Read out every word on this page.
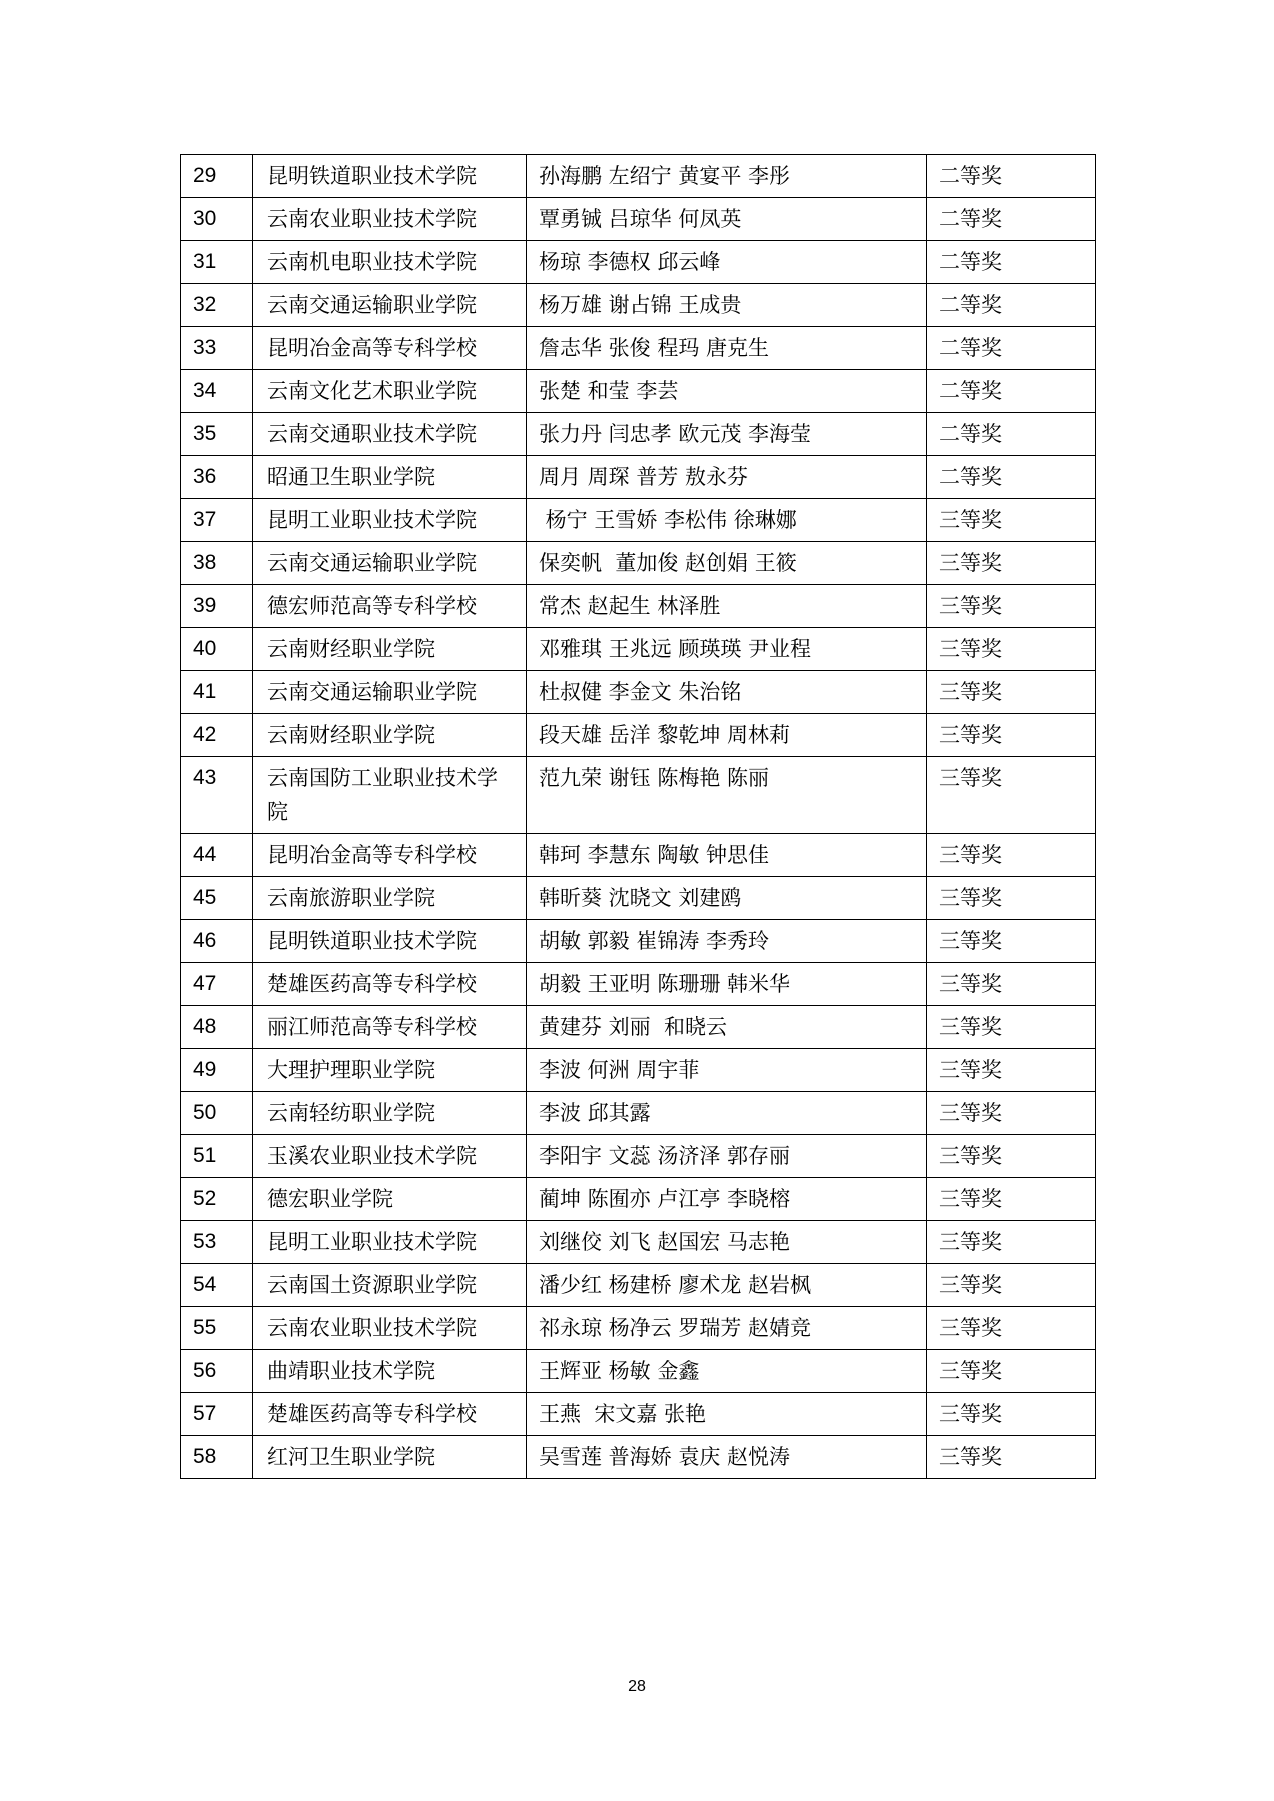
29	昆明铁道职业技术学院	孙海鹏 左绍宁 黄宴平 李彤	二等奖
30	云南农业职业技术学院	覃勇铖 吕琼华 何凤英	二等奖
31	云南机电职业技术学院	杨琼 李德权 邱云峰	二等奖
32	云南交通运输职业学院	杨万雄 谢占锦 王成贵	二等奖
33	昆明冶金高等专科学校	詹志华 张俊 程玛 唐克生	二等奖
34	云南文化艺术职业学院	张楚 和莹 李芸	二等奖
35	云南交通职业技术学院	张力丹 闫忠孝 欧元茂 李海莹	二等奖
36	昭通卫生职业学院	周月 周琛 普芳 敖永芬	二等奖
37	昆明工业职业技术学院	杨宁 王雪娇 李松伟 徐琳娜	三等奖
38	云南交通运输职业学院	保奕帆  董加俊 赵创娟 王筱	三等奖
39	德宏师范高等专科学校	常杰 赵起生 林泽胜	三等奖
40	云南财经职业学院	邓雅琪 王兆远 顾瑛瑛 尹业程	三等奖
41	云南交通运输职业学院	杜叔健 李金文 朱治铭	三等奖
42	云南财经职业学院	段天雄 岳洋 黎乾坤 周林莉	三等奖
43	云南国防工业职业技术学院	范九荣 谢钰 陈梅艳 陈丽	三等奖
44	昆明冶金高等专科学校	韩珂 李慧东 陶敏 钟思佳	三等奖
45	云南旅游职业学院	韩昕葵 沈晓文 刘建鸥	三等奖
46	昆明铁道职业技术学院	胡敏 郭毅 崔锦涛 李秀玲	三等奖
47	楚雄医药高等专科学校	胡毅 王亚明 陈珊珊 韩米华	三等奖
48	丽江师范高等专科学校	黄建芬 刘丽  和晓云	三等奖
49	大理护理职业学院	李波 何洲 周宇菲	三等奖
50	云南轻纺职业学院	李波 邱其露	三等奖
51	玉溪农业职业技术学院	李阳宇 文蕊 汤济泽 郭存丽	三等奖
52	德宏职业学院	蔺坤 陈囿亦 卢江亭 李晓榕	三等奖
53	昆明工业职业技术学院	刘继佼 刘飞 赵国宏 马志艳	三等奖
54	云南国土资源职业学院	潘少红 杨建桥 廖术龙 赵岩枫	三等奖
55	云南农业职业技术学院	祁永琼 杨净云 罗瑞芳 赵婧竞	三等奖
56	曲靖职业技术学院	王辉亚 杨敏 金鑫	三等奖
57	楚雄医药高等专科学校	王燕  宋文嘉 张艳	三等奖
58	红河卫生职业学院	吴雪莲 普海娇 袁庆 赵悦涛	三等奖
28
